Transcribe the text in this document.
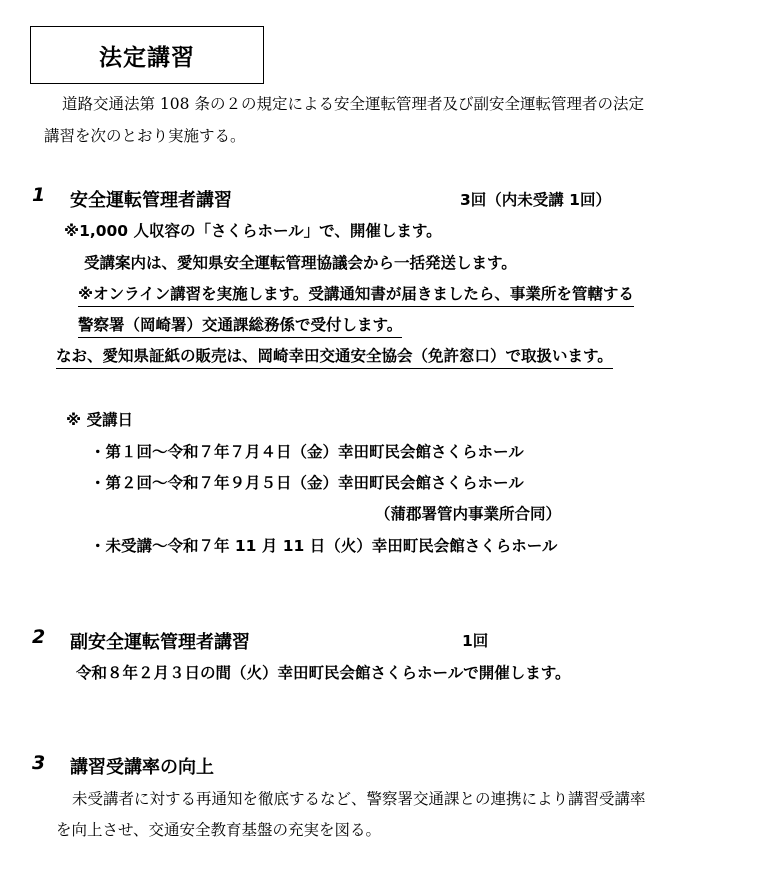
法定講習
道路交通法第 108 条の２の規定による安全運転管理者及び副安全運転管理者の法定
講習を次のとおり実施する。
1 安全運転管理者講習	3回（内未受講 1回）
※1,000 人収容の「さくらホール」で、開催します。
受講案内は、愛知県安全運転管理協議会から一括発送します。
※オンライン講習を実施します。受講通知書が届きましたら、事業所を管轄する
警察署（岡崎署）交通課総務係で受付します。
なお、愛知県証紙の販売は、岡崎幸田交通安全協会（免許窓口）で取扱います。
※ 受講日
・第１回～令和７年７月４日（金）幸田町民会館さくらホール
・第２回～令和７年９月５日（金）幸田町民会館さくらホール
（蒲郡署管内事業所合同）
・未受講～令和７年 11 月 11 日（火）幸田町民会館さくらホール
2 副安全運転管理者講習	1回
令和８年２月３日の間（火）幸田町民会館さくらホールで開催します。
3 講習受講率の向上
未受講者に対する再通知を徹底するなど、警察署交通課との連携により講習受講率
を向上させ、交通安全教育基盤の充実を図る。
